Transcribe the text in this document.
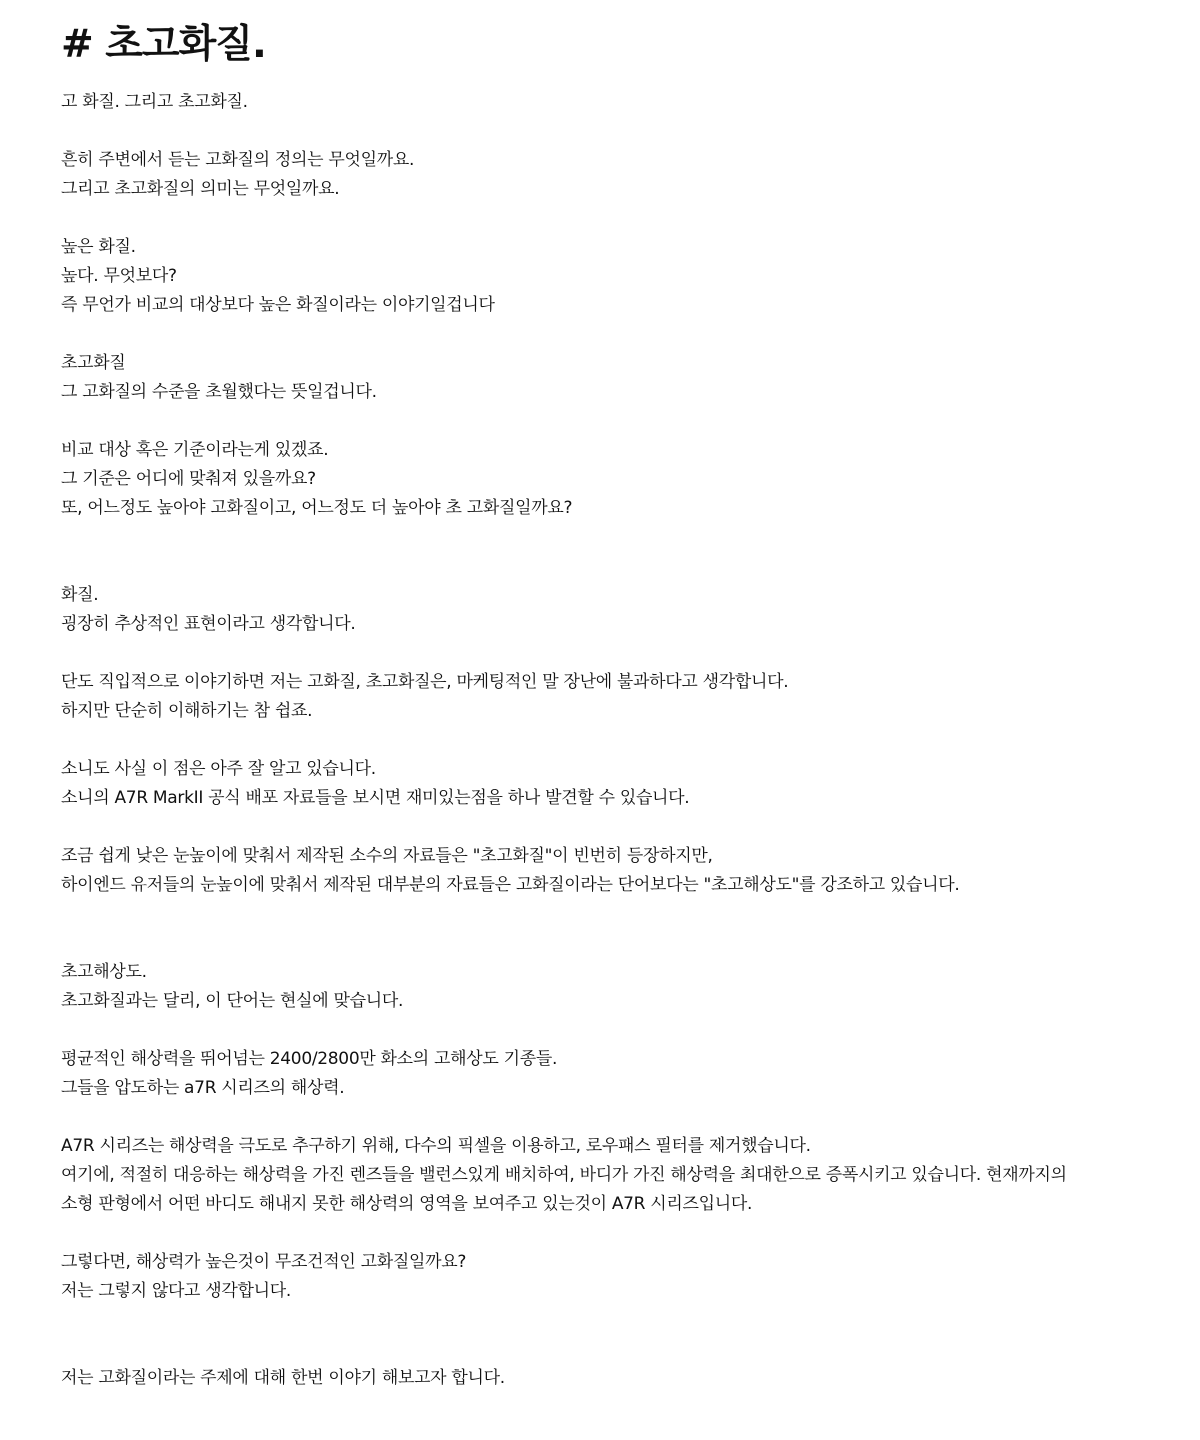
# 초고화질.
고 화질. 그리고 초고화질.
흔히 주변에서 듣는 고화질의 정의는 무엇일까요.
그리고 초고화질의 의미는 무엇일까요.
높은 화질.
높다. 무엇보다?
즉 무언가 비교의 대상보다 높은 화질이라는 이야기일겁니다
초고화질
그 고화질의 수준을 초월했다는 뜻일겁니다.
비교 대상 혹은 기준이라는게 있겠죠.
그 기준은 어디에 맞춰져 있을까요?
또, 어느정도 높아야 고화질이고, 어느정도 더 높아야 초 고화질일까요?
화질.
굉장히 추상적인 표현이라고 생각합니다.
단도 직입적으로 이야기하면 저는 고화질, 초고화질은, 마케팅적인 말 장난에 불과하다고 생각합니다.
하지만 단순히 이해하기는 참 쉽죠.
소니도 사실 이 점은 아주 잘 알고 있습니다.
소니의 A7R MarkII 공식 배포 자료들을 보시면 재미있는점을 하나 발견할 수 있습니다.
조금 쉽게 낮은 눈높이에 맞춰서 제작된 소수의 자료들은 "초고화질"이 빈번히 등장하지만,
하이엔드 유저들의 눈높이에 맞춰서 제작된 대부분의 자료들은 고화질이라는 단어보다는 "초고해상도"를 강조하고 있습니다.
초고해상도.
초고화질과는 달리, 이 단어는 현실에 맞습니다.
평균적인 해상력을 뛰어넘는 2400/2800만 화소의 고해상도 기종들.
그들을 압도하는 a7R 시리즈의 해상력.
A7R 시리즈는 해상력을 극도로 추구하기 위해, 다수의 픽셀을 이용하고, 로우패스 필터를 제거했습니다.
여기에, 적절히 대응하는 해상력을 가진 렌즈들을 밸런스있게 배치하여, 바디가 가진 해상력을 최대한으로 증폭시키고 있습니다. 현재까지의
소형 판형에서 어떤 바디도 해내지 못한 해상력의 영역을 보여주고 있는것이 A7R 시리즈입니다.
그렇다면, 해상력가 높은것이 무조건적인 고화질일까요?
저는 그렇지 않다고 생각합니다.
저는 고화질이라는 주제에 대해 한번 이야기 해보고자 합니다.
